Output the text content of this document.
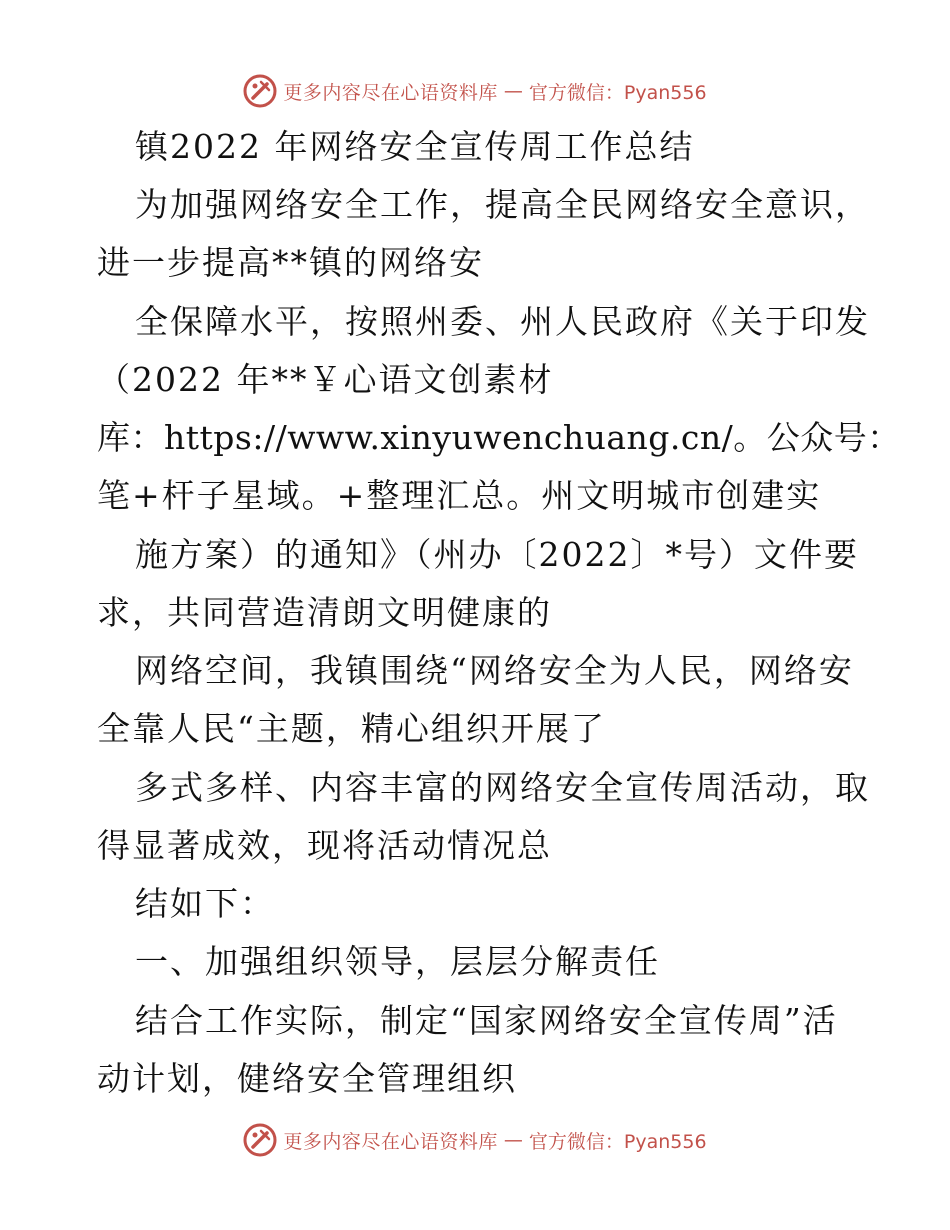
更多内容尽在心语资料库 — 官方微信：Pyan556
镇2022 年网络安全宣传周工作总结
为加强网络安全工作，提高全民网络安全意识，
进一步提高**镇的网络安
全保障水平，按照州委、州人民政府《关于印发
（2022 年**￥心语文创素材
库：https://www.xinyuwenchuang.cn/。公众号：
笔+杆子星域。+整理汇总。州文明城市创建实
施方案）的通知》（州办〔2022〕*号）文件要
求，共同营造清朗文明健康的
网络空间，我镇围绕“网络安全为人民，网络安
全靠人民“主题，精心组织开展了
多式多样、内容丰富的网络安全宣传周活动，取
得显著成效，现将活动情况总
结如下：
一、加强组织领导，层层分解责任
结合工作实际，制定“国家网络安全宣传周”活
动计划，健络安全管理组织
更多内容尽在心语资料库 — 官方微信：Pyan556
